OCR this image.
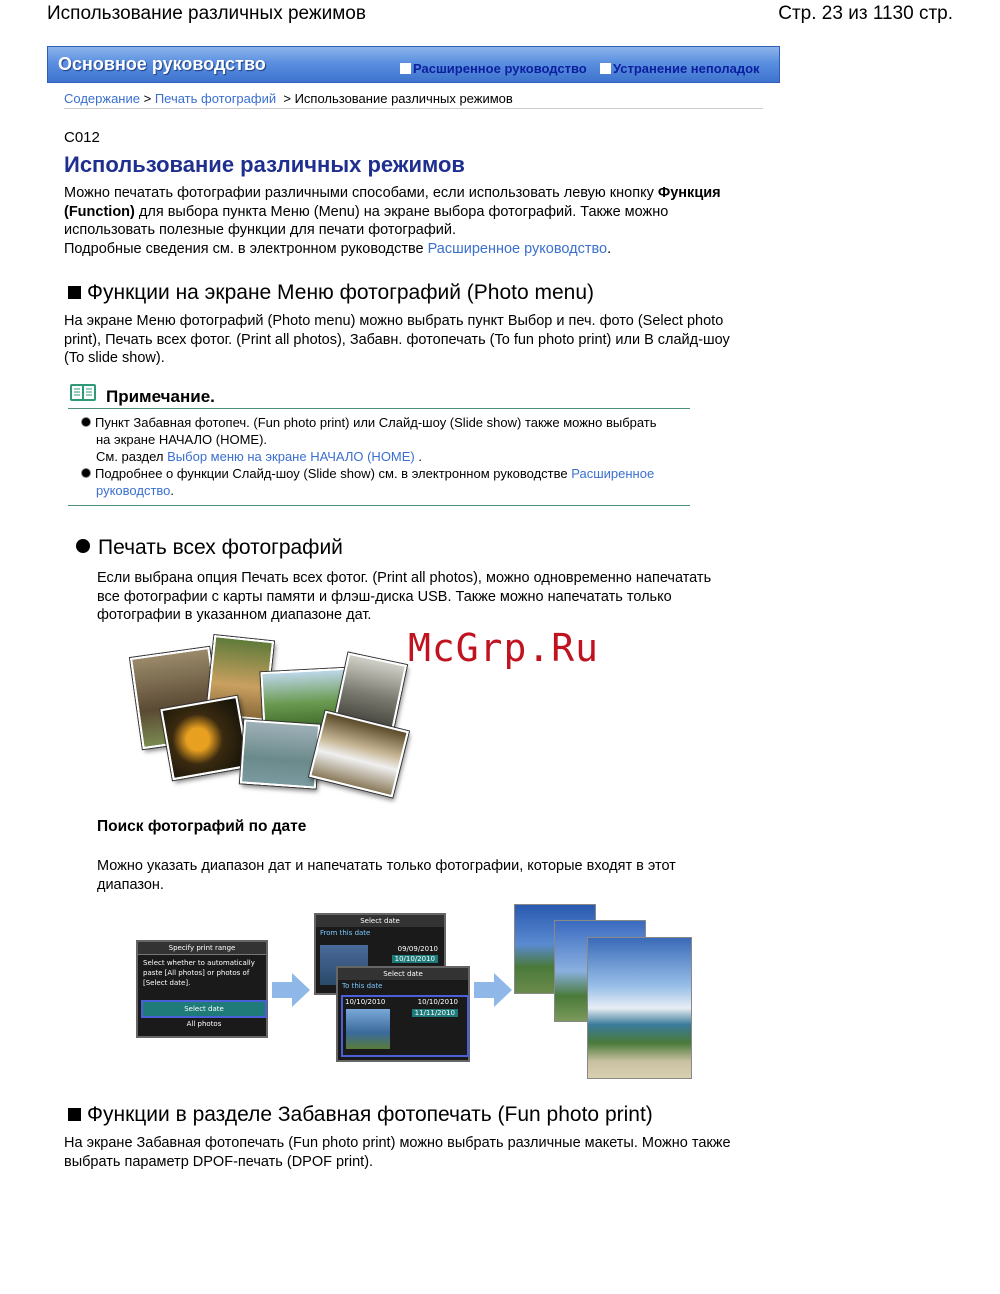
Использование различных режимов	Стр. 23 из 1130 стр.
Основное руководство	Расширенное руководство	Устранение неполадок
Содержание > Печать фотографий  > Использование различных режимов
C012
Использование различных режимов
Можно печатать фотографии различными способами, если использовать левую кнопку Функция
(Function) для выбора пункта Меню (Menu) на экране выбора фотографий. Также можно
использовать полезные функции для печати фотографий.
Подробные сведения см. в электронном руководстве Расширенное руководство.
Функции на экране Меню фотографий (Photo menu)
На экране Меню фотографий (Photo menu) можно выбрать пункт Выбор и печ. фото (Select photo
print), Печать всех фотог. (Print all photos), Забавн. фотопечать (To fun photo print) или В слайд-шоу
(To slide show).
Примечание.
Пункт Забавная фотопеч. (Fun photo print) или Слайд-шоу (Slide show) также можно выбрать
на экране НАЧАЛО (HOME).
См. раздел Выбор меню на экране НАЧАЛО (HOME) .
Подробнее о функции Слайд-шоу (Slide show) см. в электронном руководстве Расширенное
руководство.
Печать всех фотографий
Если выбрана опция Печать всех фотог. (Print all photos), можно одновременно напечатать
все фотографии с карты памяти и флэш-диска USB. Также можно напечатать только
фотографии в указанном диапазоне дат.
McGrp.Ru
Поиск фотографий по дате
Можно указать диапазон дат и напечатать только фотографии, которые входят в этот
диапазон.
Specify print range
Select whether to automatically
paste [All photos] or photos of
[Select date].
Select date
All photos
Select date
From this date
09/09/2010
10/10/2010
Select date
To this date
10/10/2010	10/10/2010
11/11/2010
Функции в разделе Забавная фотопечать (Fun photo print)
На экране Забавная фотопечать (Fun photo print) можно выбрать различные макеты. Можно также
выбрать параметр DPOF-печать (DPOF print).
